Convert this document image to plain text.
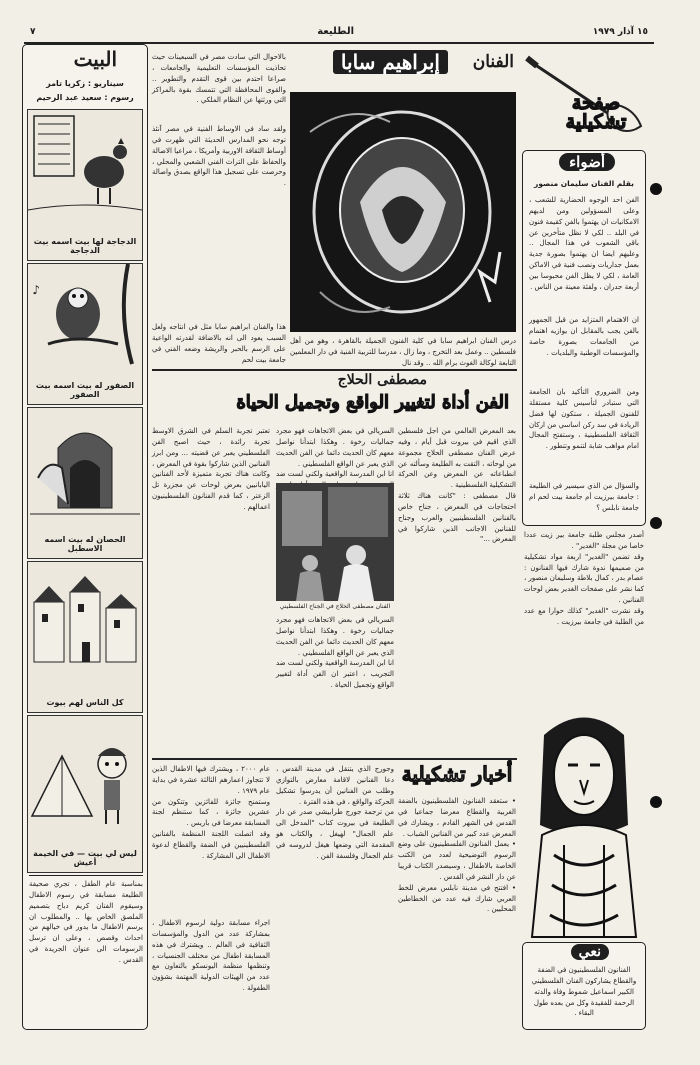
١٥ آذار ١٩٧٩
الطليعة
٧
صفحة تشكيلية
الفنان
إبراهيم سابا
درس الفنان ابراهيم سابا في كلية الفنون الجميلة بالقاهرة ، وهو من أهل فلسطين .. وعمل بعد التخرج ، وما زال ، مدرسا للتربية الفنية في دار المعلمين التابعة لوكالة الغوث برام الله .. وقد نال
بالاحوال التي سادت مصر في السبعينات حيث تحاذيت المؤسسات التعليمية والجامعات ، صراعا احتدم بين قوى التقدم والتطوير .. والقوى المحافظة التي تتمسك بقوة بالمراكز التي ورثتها عن النظام الملكي .
ولقد ساد في الاوساط الفنية في مصر آنئذ توجه نحو المدارس الحديثة التي ظهرت في أوساط الثقافة الاوربية وأمريكا ، مراعيا الاصالة والحفاظ على التراث الفني الشعبي والمحلي ، وحرصت على تسجيل هذا الواقع بصدق واصالة .
هذا والفنان ابراهيم سابا مثل في انتاجه ولعل السبب يعود الى انه بالاضافة لقدرته الواعية على الرسم بالحبر والريشة وضعه الفني في جامعة بيت لحم
أضواء
بقلم الفنان سليمان منصور
الفن احد الوجوه الحضارية للشعب ، وعلى المسؤولين ومن لديهم الامكانيات ان يهتموا بالفن كقيمة فنون في البلد .. لكي لا نظل متأخرين عن باقي الشعوب في هذا المجال .. وعليهم ايضا ان يهتموا بصورة جدية بعمل جداريات ونصب فنية في الاماكن العامة ، لكي لا يظل الفن محبوسا بين أربعة جدران ، ولفئة معينة من الناس .
ان الاهتمام المتزايد من قبل الجمهور بالفن يجب بالمقابل ان يوازيه اهتمام من الجامعات بصورة خاصة والمؤسسات الوطنية والبلديات .
ومن الضروري التأكيد بان الجامعة التي ستبادر لتأسيس كلية مستقلة للفنون الجميلة ، ستكون لها فضل الريادة في سد ركن اساسي من اركان الثقافة الفلسطينية ، وستفتح المجال امام مواهب شابة لتنمو وتتطور .
والسؤال من الذي سيسير في الطليعة : جامعة بيرزيت أم جامعة بيت لحم ام جامعة نابلس ؟
أصدر مجلس طلبة جامعة بير زيت عددا خاصا من مجلة "الغدير" .
وقد تضمن "الغدير" اربعة مواد تشكيلية من صميمها ندوة شارك فيها الفنانون : عصام بدر ، كمال بلاطة وسليمان منصور ، كما نشر على صفحات الغدير بعض لوحات الفنانين .
وقد نشرت "الغدير" كذلك حوارا مع عدد من الطلبة في جامعة بيرزيت .
نعي
الفنانون الفلسطينيون في الضفة والقطاع يشاركون الفنان الفلسطيني الكبير اسماعيل شموط وفاة والدته الرحمة للفقيدة وكل من بعده طول البقاء .
مصطفى الحلاج
الفن أداة لتغيير الواقع وتجميل الحياة
بعد المعرض العالمي من اجل فلسطين الذي اقيم في بيروت قبل أيام ، وفيه عرض الفنان مصطفى الحلاج مجموعة من لوحاته ، التقت به الطليعة وسألته عن انطباعاته عن المعرض وعن الحركة التشكيلية الفلسطينية .
قال مصطفى : "كانت هناك ثلاثة احتجاجات في المعرض ، جناح خاص بالفنانين الفلسطينيين والعرب وجناح للفنانين الاجانب الذين شاركوا في المعرض ..."
السريالي في بعض الاتجاهات فهو مجرد جماليات رخوة . وهكذا ابتدأنا نواصل معهم كان الحديث دائما عن الفن الحديث الذي يعبر عن الواقع الفلسطيني .
انا ابن المدرسة الواقعية ولكني لست ضد
الفنان مصطفى الحلاج في الجناح الفلسطيني
السريالي في بعض الاتجاهات فهو مجرد جماليات رخوة . وهكذا ابتدأنا نواصل معهم كان الحديث دائما عن الفن الحديث الذي يعبر عن الواقع الفلسطيني .
انا ابن المدرسة الواقعية ولكني لست ضد التجريب ، اعتبر ان الفن أداة لتغيير الواقع وتجميل الحياة .
تعتبر تجربة السلم في الشرق الاوسط تجربة رائدة ، حيث اصبح الفن الفلسطيني يعبر عن قضيته ... ومن ابرز الفنانين الذين شاركوا بقوة في المعرض ، وكانت هناك تجربة متميزة لأحد الفنانين اليابانيين بعرض لوحات عن مجزرة تل الزعتر ، كما قدم الفنانون الفلسطينيون اعمالهم .
أخبار تشكيلية
• ستعقد الفنانون الفلسطينيون بالضفة الغربية والقطاع معرضا جماعيا في القدس في الشهر القادم ، ويشارك في المعرض عدد كبير من الفنانين الشباب .
• يعمل الفنانون الفلسطينيون على وضع الرسوم التوضيحية لعدد من الكتب الخاصة بالاطفال ، وسيصدر الكتاب قريبا عن دار النشر في القدس .
• افتتح في مدينة نابلس معرض للخط العربي شارك فيه عدد من الخطاطين المحليين .
وجورج الذي يتنقل في مدينة القدس ، دعا الفنانين لاقامة معارض بالتوازي وطلب من الفنانين أن يدرسوا تشكيل الحركة والواقع ، في هذه الفترة .
من ترجمة جورج طرابيشي صدر عن دار الطليعة في بيروت كتاب "المدخل الى علم الجمال" لهيغل ، والكتاب هو المقدمة التي وضعها هيغل لدروسه في علم الجمال وفلسفة الفن .
عام ٢٠٠٠ ، ويشترك فيها الاطفال الذين لا تتجاوز اعمارهم الثالثة عشرة في بداية عام ١٩٧٩ .
وستمنح جائزة للفائزين وتتكون من عشرين جائزة ، كما ستنظم لجنة المسابقة معرضا في باريس .
وقد اتصلت اللجنة المنظمة بالفنانين الفلسطينيين في الضفة والقطاع لدعوة الاطفال الى المشاركة .
اجراء مسابقة دولية لرسوم الاطفال ، بمشاركة عدد من الدول والمؤسسات الثقافية في العالم .. ويشترك في هذه المسابقة اطفال من مختلف الجنسيات ، وتنظمها منظمة اليونسكو بالتعاون مع عدد من الهيئات الدولية المهتمة بشؤون الطفولة .
البيت
سيناريو : زكريا تامر
رسوم : سعيد عبد الرحيم
الدجاجة لها بيت اسمه بيت الدجاجة
♪
الصفور له بيت اسمه بيت الصفور
الحصان له بيت اسمه الاسطبل
كل الناس لهم بيوت
ليس لي بيت — في الخيمة أعيش
بمناسبة عام الطفل ، تجري صحيفة الطليعة مسابقة في رسوم الاطفال وسيقوم الفنان كريم دباح بتصميم الملصق الخاص بها .. والمطلوب ان يرسم الاطفال ما يدور في خيالهم من احداث وقصص ، وعلى ان ترسل الرسومات الى عنوان الجريدة في القدس .
